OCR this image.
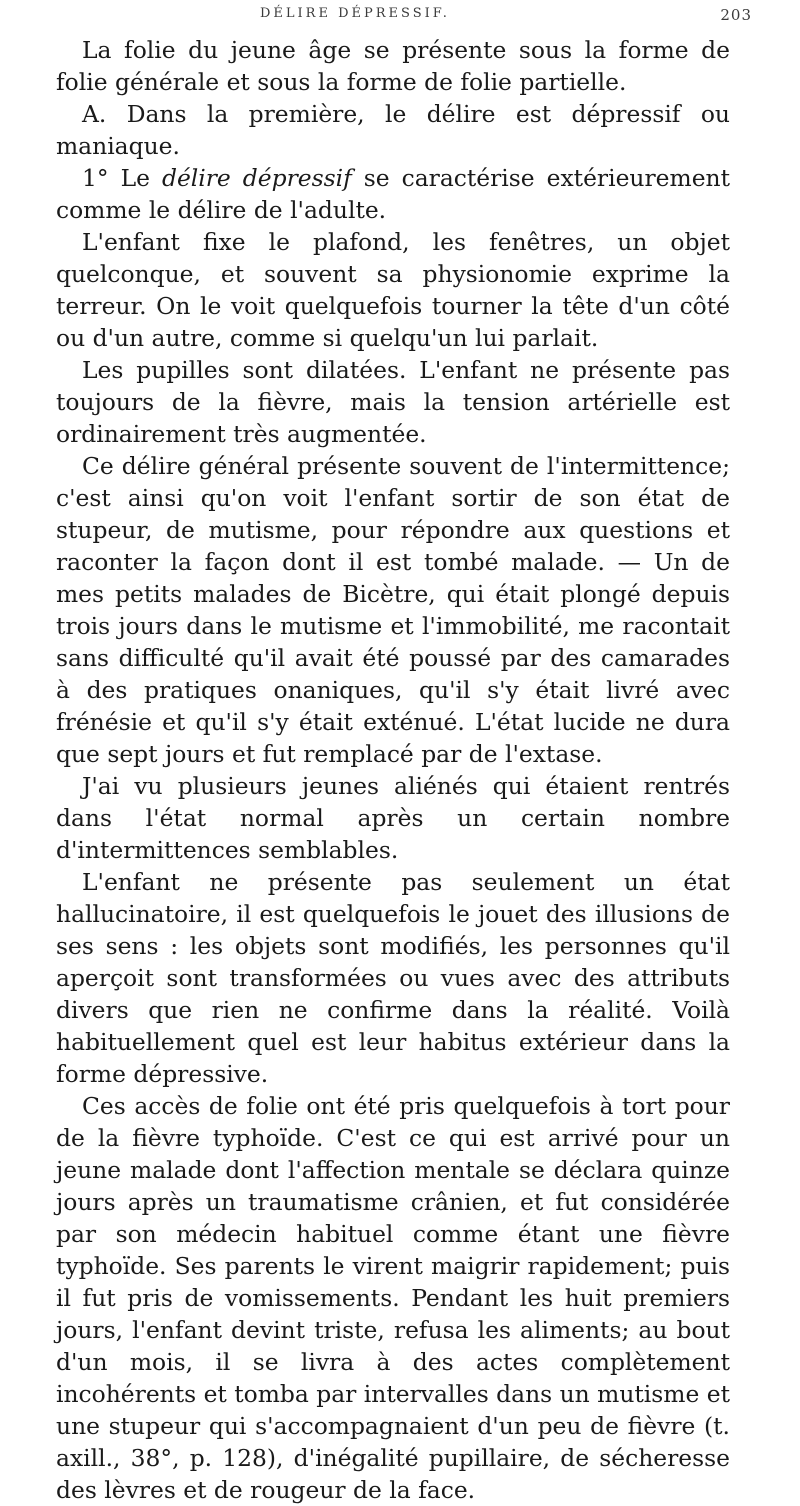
DÉLIRE DÉPRESSIF.	203

La folie du jeune âge se présente sous la forme de folie générale et sous la forme de folie partielle.

A. Dans la première, le délire est dépressif ou maniaque.

1° Le délire dépressif se caractérise extérieurement comme le délire de l'adulte.

L'enfant fixe le plafond, les fenêtres, un objet quelconque, et souvent sa physionomie exprime la terreur. On le voit quelquefois tourner la tête d'un côté ou d'un autre, comme si quelqu'un lui parlait.

Les pupilles sont dilatées. L'enfant ne présente pas toujours de la fièvre, mais la tension artérielle est ordinairement très augmentée.

Ce délire général présente souvent de l'intermittence; c'est ainsi qu'on voit l'enfant sortir de son état de stupeur, de mutisme, pour répondre aux questions et raconter la façon dont il est tombé malade. — Un de mes petits malades de Bicètre, qui était plongé depuis trois jours dans le mutisme et l'immobilité, me racontait sans difficulté qu'il avait été poussé par des camarades à des pratiques onaniques, qu'il s'y était livré avec frénésie et qu'il s'y était exténué. L'état lucide ne dura que sept jours et fut remplacé par de l'extase.

J'ai vu plusieurs jeunes aliénés qui étaient rentrés dans l'état normal après un certain nombre d'intermittences semblables.

L'enfant ne présente pas seulement un état hallucinatoire, il est quelquefois le jouet des illusions de ses sens : les objets sont modifiés, les personnes qu'il aperçoit sont transformées ou vues avec des attributs divers que rien ne confirme dans la réalité. Voilà habituellement quel est leur habitus extérieur dans la forme dépressive.

Ces accès de folie ont été pris quelquefois à tort pour de la fièvre typhoïde. C'est ce qui est arrivé pour un jeune malade dont l'affection mentale se déclara quinze jours après un traumatisme crânien, et fut considérée par son médecin habituel comme étant une fièvre typhoïde. Ses parents le virent maigrir rapidement; puis il fut pris de vomissements. Pendant les huit premiers jours, l'enfant devint triste, refusa les aliments; au bout d'un mois, il se livra à des actes complètement incohérents et tomba par intervalles dans un mutisme et une stupeur qui s'accompagnaient d'un peu de fièvre (t. axill., 38°, p. 128), d'inégalité pupillaire, de sécheresse des lèvres et de rougeur de la face.
